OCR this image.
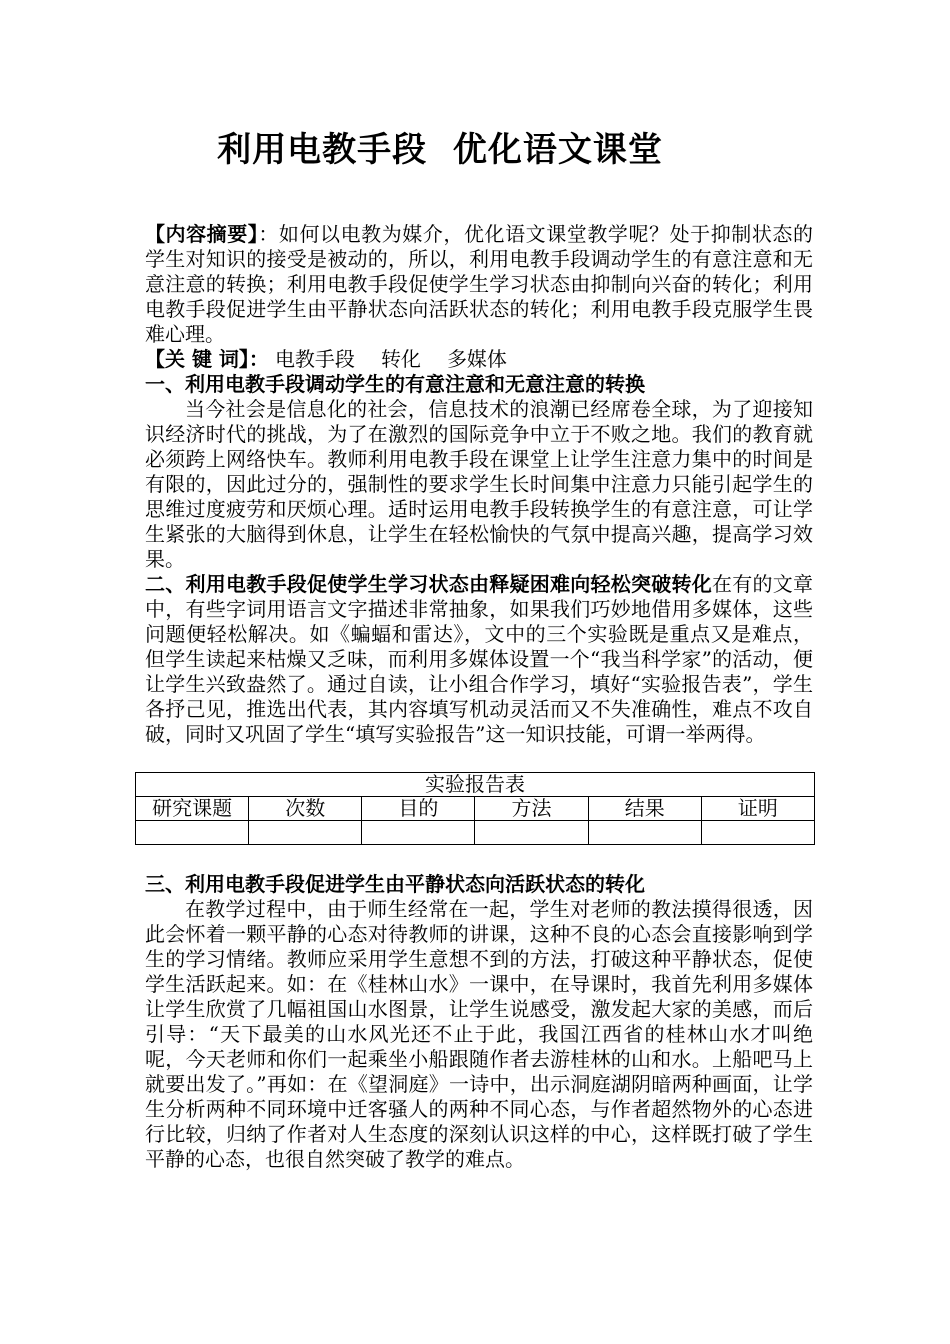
利用电教手段  优化语文课堂

【内容摘要】：如何以电教为媒介，优化语文课堂教学呢？处于抑制状态的学生对知识的接受是被动的，所以，利用电教手段调动学生的有意注意和无意注意的转换；利用电教手段促使学生学习状态由抑制向兴奋的转化；利用电教手段促进学生由平静状态向活跃状态的转化；利用电教手段克服学生畏难心理。

【关 键 词】： 电教手段 转化 多媒体

一、利用电教手段调动学生的有意注意和无意注意的转换

当今社会是信息化的社会，信息技术的浪潮已经席卷全球，为了迎接知识经济时代的挑战，为了在激烈的国际竞争中立于不败之地。我们的教育就必须跨上网络快车。教师利用电教手段在课堂上让学生注意力集中的时间是有限的，因此过分的，强制性的要求学生长时间集中注意力只能引起学生的思维过度疲劳和厌烦心理。适时运用电教手段转换学生的有意注意，可让学生紧张的大脑得到休息，让学生在轻松愉快的气氛中提高兴趣，提高学习效果。

二、利用电教手段促使学生学习状态由释疑困难向轻松突破转化在有的文章中，有些字词用语言文字描述非常抽象，如果我们巧妙地借用多媒体，这些问题便轻松解决。如《蝙蝠和雷达》，文中的三个实验既是重点又是难点，但学生读起来枯燥又乏味，而利用多媒体设置一个“我当科学家”的活动，便让学生兴致盎然了。通过自读，让小组合作学习，填好“实验报告表”，学生各抒己见，推选出代表，其内容填写机动灵活而又不失准确性，难点不攻自破，同时又巩固了学生“填写实验报告”这一知识技能，可谓一举两得。

实验报告表					
研究课题	次数	目的	方法	结果	证明

三、利用电教手段促进学生由平静状态向活跃状态的转化

在教学过程中，由于师生经常在一起，学生对老师的教法摸得很透，因此会怀着一颗平静的心态对待教师的讲课，这种不良的心态会直接影响到学生的学习情绪。教师应采用学生意想不到的方法，打破这种平静状态，促使学生活跃起来。如：在《桂林山水》一课中，在导课时，我首先利用多媒体让学生欣赏了几幅祖国山水图景，让学生说感受，激发起大家的美感，而后引导：“天下最美的山水风光还不止于此，我国江西省的桂林山水才叫绝呢，今天老师和你们一起乘坐小船跟随作者去游桂林的山和水。上船吧马上就要出发了。”再如：在《望洞庭》一诗中，出示洞庭湖阴暗两种画面，让学生分析两种不同环境中迁客骚人的两种不同心态，与作者超然物外的心态进行比较，归纳了作者对人生态度的深刻认识这样的中心，这样既打破了学生平静的心态，也很自然突破了教学的难点。
